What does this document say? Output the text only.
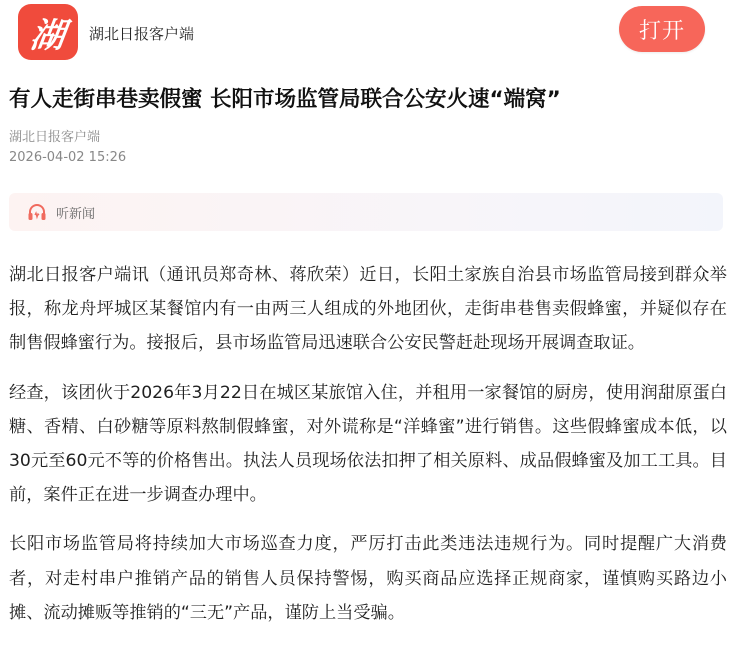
湖 湖北日报客户端	打开
有人走街串巷卖假蜜 长阳市场监管局联合公安火速“端窝”
湖北日报客户端
2026-04-02 15:26
听新闻

湖北日报客户端讯（通讯员郑奇林、蒋欣荣）近日，长阳土家族自治县市场监管局接到群众举报，称龙舟坪城区某餐馆内有一由两三人组成的外地团伙，走街串巷售卖假蜂蜜，并疑似存在制售假蜂蜜行为。接报后，县市场监管局迅速联合公安民警赶赴现场开展调查取证。

经查，该团伙于2026年3月22日在城区某旅馆入住，并租用一家餐馆的厨房，使用润甜原蛋白糖、香精、白砂糖等原料熬制假蜂蜜，对外谎称是“洋蜂蜜”进行销售。这些假蜂蜜成本低，以30元至60元不等的价格售出。执法人员现场依法扣押了相关原料、成品假蜂蜜及加工工具。目前，案件正在进一步调查办理中。

长阳市场监管局将持续加大市场巡查力度，严厉打击此类违法违规行为。同时提醒广大消费者，对走村串户推销产品的销售人员保持警惕，购买商品应选择正规商家，谨慎购买路边小摊、流动摊贩等推销的“三无”产品，谨防上当受骗。
